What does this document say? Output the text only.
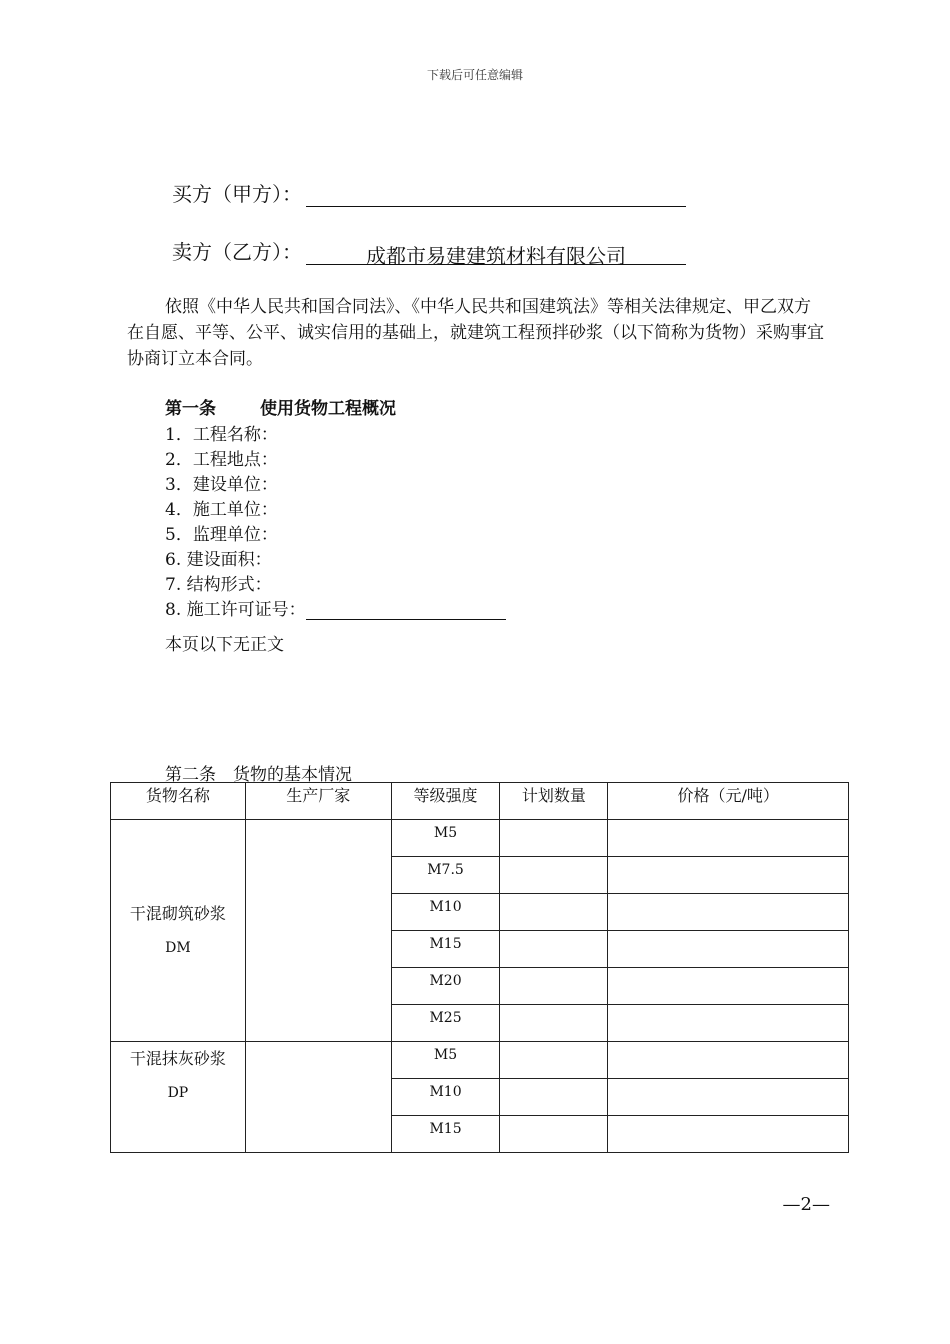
下载后可任意编辑
买方（甲方）：
卖方（乙方）：	成都市易建建筑材料有限公司
依照《中华人民共和国合同法》、《中华人民共和国建筑法》等相关法律规定、甲乙双方在自愿、平等、公平、诚实信用的基础上，就建筑工程预拌砂浆（以下简称为货物）采购事宜协商订立本合同。
第一条	使用货物工程概况
1．工程名称：
2．工程地点：
3．建设单位：
4．施工单位：
5．监理单位：
6. 建设面积：
7. 结构形式：
8. 施工许可证号：
本页以下无正文
第二条　货物的基本情况
货物名称	生产厂家	等级强度	计划数量	价格（元/吨）

干混砌筑砂浆
DM		M5		
		M7.5		
		M10		
		M15		
		M20		
		M25		

干混抹灰砂浆
DP		M5		
		M10		
		M15		
—2—
